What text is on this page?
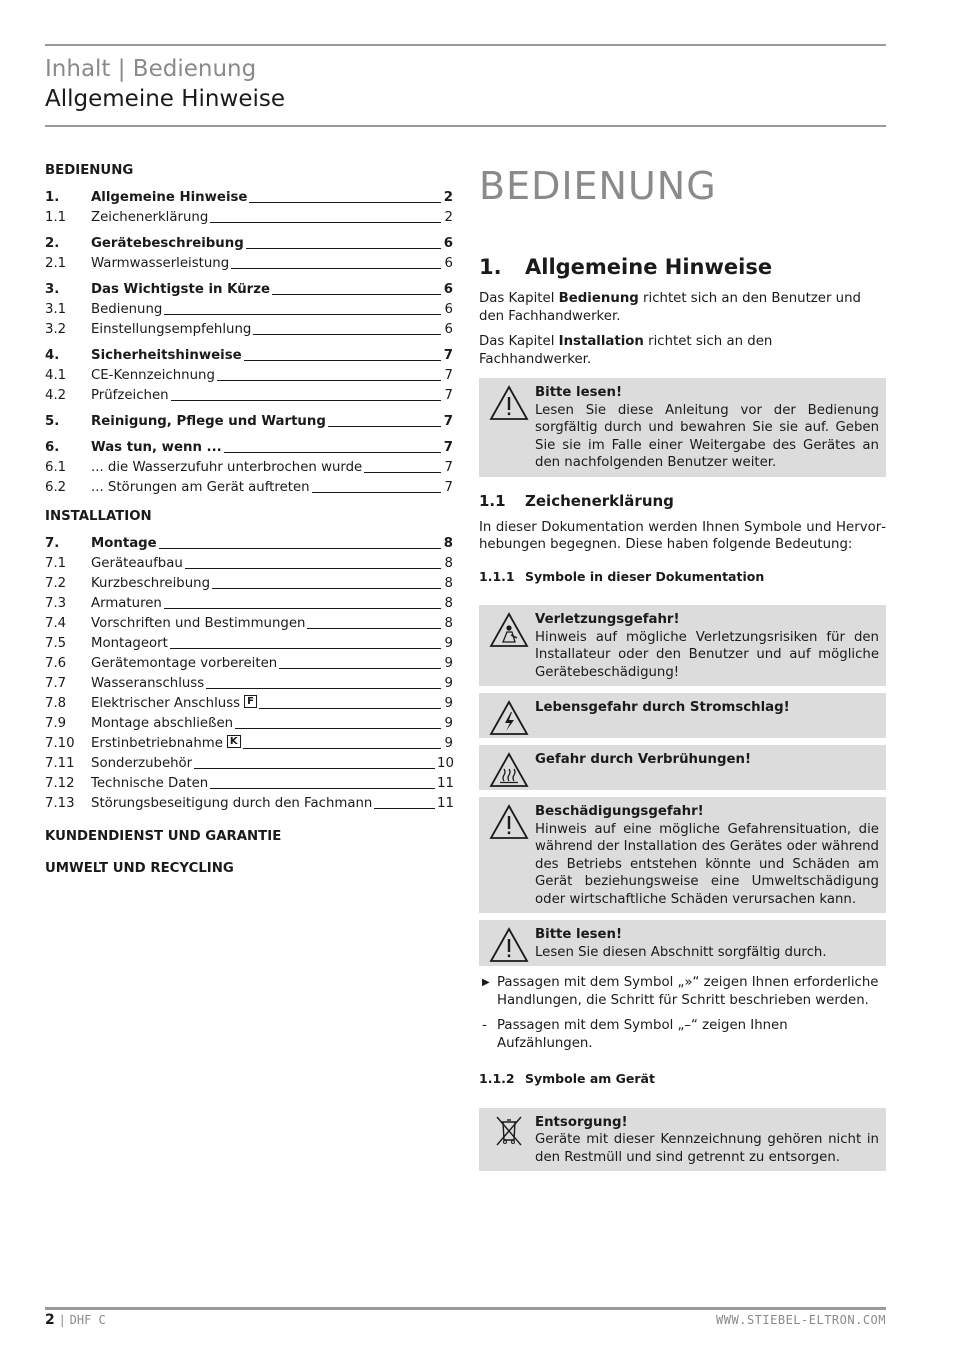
Inhalt | Bedienung
Allgemeine Hinweise
BEDIENUNG
1.	Allgemeine Hinweise	2
1.1	Zeichenerklärung	2
2.	Gerätebeschreibung	6
2.1	Warmwasserleistung	6
3.	Das Wichtigste in Kürze	6
3.1	Bedienung	6
3.2	Einstellungsempfehlung	6
4.	Sicherheitshinweise	7
4.1	CE-Kennzeichnung	7
4.2	Prüfzeichen	7
5.	Reinigung, Pflege und Wartung	7
6.	Was tun, wenn ...	7
6.1	... die Wasserzufuhr unterbrochen wurde	7
6.2	... Störungen am Gerät auftreten	7
INSTALLATION
7.	Montage	8
7.1	Geräteaufbau	8
7.2	Kurzbeschreibung	8
7.3	Armaturen	8
7.4	Vorschriften und Bestimmungen	8
7.5	Montageort	9
7.6	Gerätemontage vorbereiten	9
7.7	Wasseranschluss	9
7.8	Elektrischer Anschluss F	9
7.9	Montage abschließen	9
7.10	Erstinbetriebnahme K	9
7.11	Sonderzubehör	10
7.12	Technische Daten	11
7.13	Störungsbeseitigung durch den Fachmann	11
KUNDENDIENST UND GARANTIE
UMWELT UND RECYCLING
BEDIENUNG
1. Allgemeine Hinweise

Das Kapitel Bedienung richtet sich an den Benutzer und den Fachhandwerker.

Das Kapitel Installation richtet sich an den Fachhandwerker.

Bitte lesen!
Lesen Sie diese Anleitung vor der Bedienung sorgfältig durch und bewahren Sie sie auf. Geben Sie sie im Falle einer Weitergabe des Gerätes an den nachfolgenden Benutzer weiter.
1.1 Zeichenerklärung

In dieser Dokumentation werden Ihnen Symbole und Hervorhebungen begegnen. Diese haben folgende Bedeutung:

1.1.1 Symbole in dieser Dokumentation
Verletzungsgefahr!
Hinweis auf mögliche Verletzungsrisiken für den Installateur oder den Benutzer und auf mögliche Gerätebeschädigung!
Lebensgefahr durch Stromschlag!
Gefahr durch Verbrühungen!
Beschädigungsgefahr!
Hinweis auf eine mögliche Gefahrensituation, die während der Installation des Gerätes oder während des Betriebs entstehen könnte und Schäden am Gerät beziehungsweise eine Umweltschädigung oder wirtschaftliche Schäden verursachen kann.
Bitte lesen!
Lesen Sie diesen Abschnitt sorgfältig durch.
▶ Passagen mit dem Symbol „»“ zeigen Ihnen erforderliche Handlungen, die Schritt für Schritt beschrieben werden.
- Passagen mit dem Symbol „–“ zeigen Ihnen Aufzählungen.
1.1.2 Symbole am Gerät
Entsorgung!
Geräte mit dieser Kennzeichnung gehören nicht in den Restmüll und sind getrennt zu entsorgen.
2 | DHF C	WWW.STIEBEL-ELTRON.COM
